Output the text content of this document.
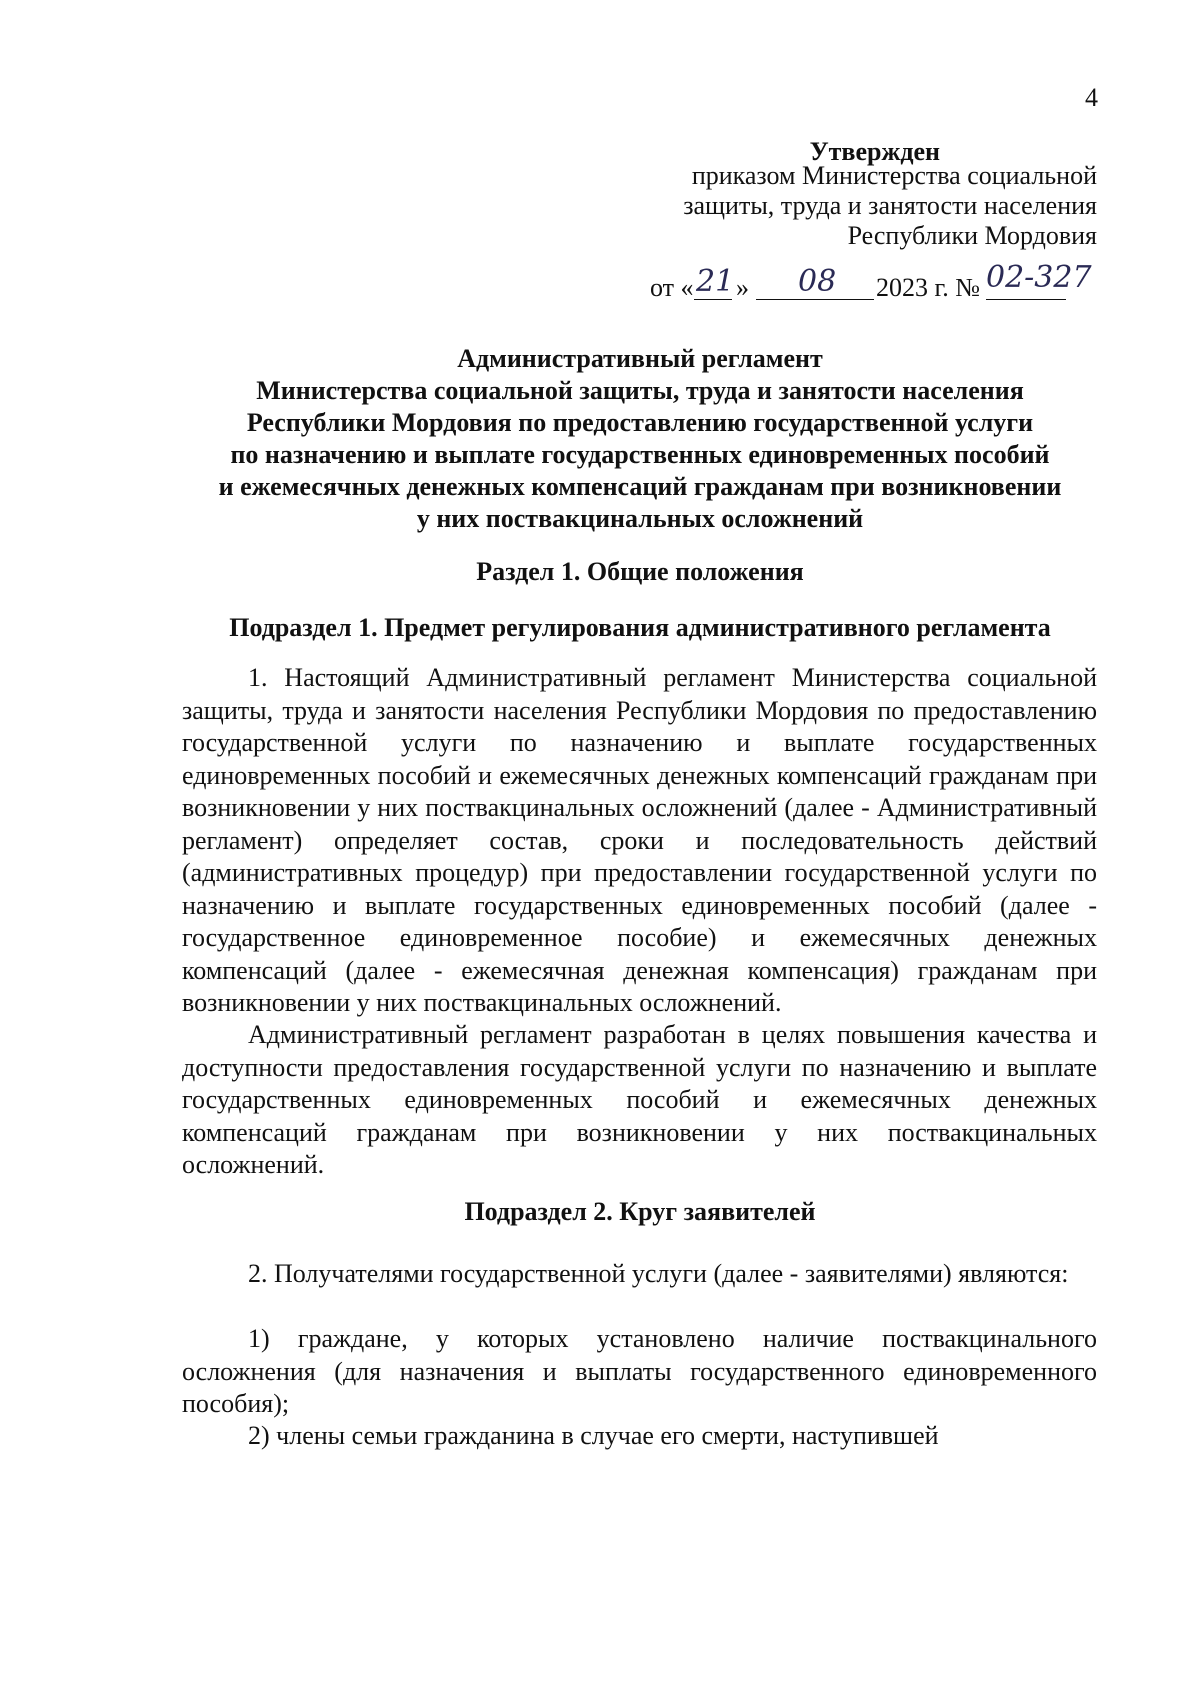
4
Утвержден
приказом Министерства социальной
защиты, труда и занятости населения
Республики Мордовия
от « 21 » 08 2023 г. № 02-327
Административный регламент
Министерства социальной защиты, труда и занятости населения
Республики Мордовия по предоставлению государственной услуги
по назначению и выплате государственных единовременных пособий
и ежемесячных денежных компенсаций гражданам при возникновении
у них поствакцинальных осложнений
Раздел 1. Общие положения
Подраздел 1. Предмет регулирования административного регламента
1. Настоящий Административный регламент Министерства социальной защиты, труда и занятости населения Республики Мордовия по предоставлению государственной услуги по назначению и выплате государственных единовременных пособий и ежемесячных денежных компенсаций гражданам при возникновении у них поствакцинальных осложнений (далее - Административный регламент) определяет состав, сроки и последовательность действий (административных процедур) при предоставлении государственной услуги по назначению и выплате государственных единовременных пособий (далее - государственное единовременное пособие) и ежемесячных денежных компенсаций (далее - ежемесячная денежная компенсация) гражданам при возникновении у них поствакцинальных осложнений.
Административный регламент разработан в целях повышения качества и доступности предоставления государственной услуги по назначению и выплате государственных единовременных пособий и ежемесячных денежных компенсаций гражданам при возникновении у них поствакцинальных осложнений.
Подраздел 2. Круг заявителей
2. Получателями государственной услуги (далее - заявителями) являются:
1) граждане, у которых установлено наличие поствакцинального осложнения (для назначения и выплаты государственного единовременного пособия);
2) члены семьи гражданина в случае его смерти, наступившей
